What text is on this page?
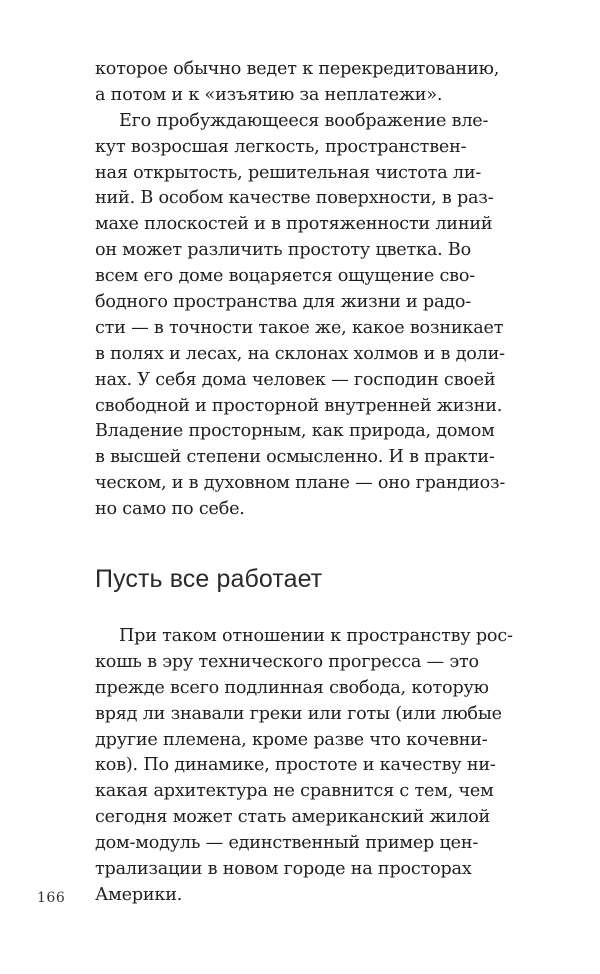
которое обычно ведет к перекредитованию,
а потом и к «изъятию за неплатежи».
Его пробуждающееся воображение вле-
кут возросшая легкость, пространствен-
ная открытость, решительная чистота ли-
ний. В особом качестве поверхности, в раз-
махе плоскостей и в протяженности линий
он может различить простоту цветка. Во
всем его доме воцаряется ощущение сво-
бодного пространства для жизни и радо-
сти — в точности такое же, какое возникает
в полях и лесах, на склонах холмов и в доли-
нах. У себя дома человек — господин своей
свободной и просторной внутренней жизни.
Владение просторным, как природа, домом
в высшей степени осмысленно. И в практи-
ческом, и в духовном плане — оно грандиоз-
но само по себе.
Пусть все работает
При таком отношении к пространству рос-
кошь в эру технического прогресса — это
прежде всего подлинная свобода, которую
вряд ли знавали греки или готы (или любые
другие племена, кроме разве что кочевни-
ков). По динамике, простоте и качеству ни-
какая архитектура не сравнится с тем, чем
сегодня может стать американский жилой
дом-модуль — единственный пример цен-
трализации в новом городе на просторах
Америки.
166
